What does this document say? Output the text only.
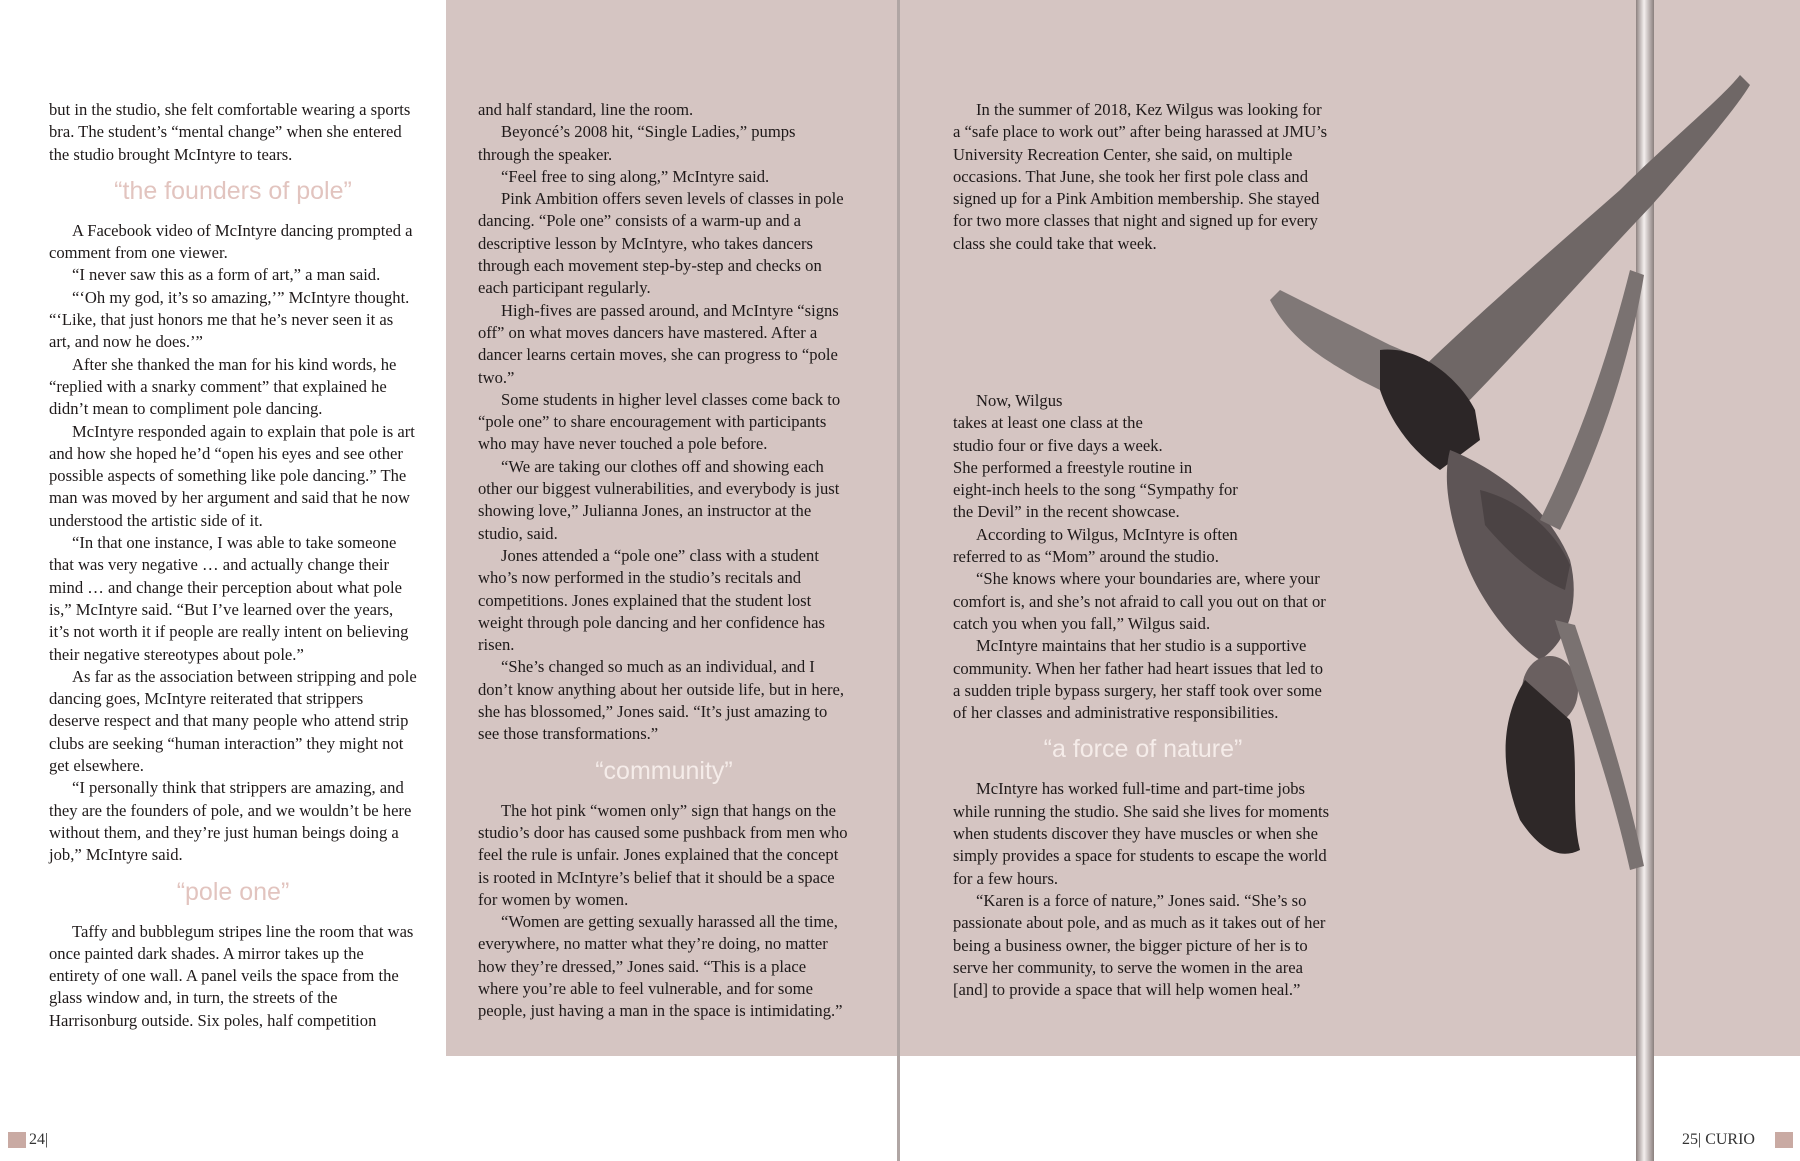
but in the studio, she felt comfortable wearing a sports bra. The student’s “mental change” when she entered the studio brought McIntyre to tears.

“the founders of pole”

A Facebook video of McIntyre dancing prompted a comment from one viewer.

“I never saw this as a form of art,” a man said.

“‘Oh my god, it’s so amazing,’” McIntyre thought. “‘Like, that just honors me that he’s never seen it as art, and now he does.’”

After she thanked the man for his kind words, he “replied with a snarky comment” that explained he didn’t mean to compliment pole dancing.

McIntyre responded again to explain that pole is art and how she hoped he’d “open his eyes and see other possible aspects of something like pole dancing.” The man was moved by her argument and said that he now understood the artistic side of it.

“In that one instance, I was able to take someone that was very negative … and actually change their mind … and change their perception about what pole is,” McIntyre said. “But I’ve learned over the years, it’s not worth it if people are really intent on believing their negative stereotypes about pole.”

As far as the association between stripping and pole dancing goes, McIntyre reiterated that strippers deserve respect and that many people who attend strip clubs are seeking “human interaction” they might not get elsewhere.

“I personally think that strippers are amazing, and they are the founders of pole, and we wouldn’t be here without them, and they’re just human beings doing a job,” McIntyre said.

“pole one”

Taffy and bubblegum stripes line the room that was once painted dark shades. A mirror takes up the entirety of one wall. A panel veils the space from the glass window and, in turn, the streets of the Harrisonburg outside. Six poles, half competition

and half standard, line the room.

Beyoncé’s 2008 hit, “Single Ladies,” pumps through the speaker.

“Feel free to sing along,” McIntyre said.

Pink Ambition offers seven levels of classes in pole dancing. “Pole one” consists of a warm-up and a descriptive lesson by McIntyre, who takes dancers through each movement step-by-step and checks on each participant regularly.

High-fives are passed around, and McIntyre “signs off” on what moves dancers have mastered. After a dancer learns certain moves, she can progress to “pole two.”

Some students in higher level classes come back to “pole one” to share encouragement with participants who may have never touched a pole before.

“We are taking our clothes off and showing each other our biggest vulnerabilities, and everybody is just showing love,” Julianna Jones, an instructor at the studio, said.

Jones attended a “pole one” class with a student who’s now performed in the studio’s recitals and competitions. Jones explained that the student lost weight through pole dancing and her confidence has risen.

“She’s changed so much as an individual, and I don’t know anything about her outside life, but in here, she has blossomed,” Jones said. “It’s just amazing to see those transformations.”

“community”

The hot pink “women only” sign that hangs on the studio’s door has caused some pushback from men who feel the rule is unfair. Jones explained that the concept is rooted in McIntyre’s belief that it should be a space for women by women.

“Women are getting sexually harassed all the time, everywhere, no matter what they’re doing, no matter how they’re dressed,” Jones said. “This is a place where you’re able to feel vulnerable, and for some people, just having a man in the space is intimidating.”

In the summer of 2018, Kez Wilgus was looking for a “safe place to work out” after being harassed at JMU’s University Recreation Center, she said, on multiple occasions. That June, she took her first pole class and signed up for a Pink Ambition membership. She stayed for two more classes that night and signed up for every class she could take that week.

Now, Wilgus
takes at least one class at the
studio four or five days a week.
She performed a freestyle routine in
eight-inch heels to the song “Sympathy for
the Devil” in the recent showcase.

According to Wilgus, McIntyre is often
referred to as “Mom” around the studio.

“She knows where your boundaries are, where your comfort is, and she’s not afraid to call you out on that or catch you when you fall,” Wilgus said.

McIntyre maintains that her studio is a supportive community. When her father had heart issues that led to a sudden triple bypass surgery, her staff took over some of her classes and administrative responsibilities.

“a force of nature”

McIntyre has worked full-time and part-time jobs while running the studio. She said she lives for moments when students discover they have muscles or when she simply provides a space for students to escape the world for a few hours.

“Karen is a force of nature,” Jones said. “She’s so passionate about pole, and as much as it takes out of her being a business owner, the bigger picture of her is to serve her community, to serve the women in the area [and] to provide a space that will help women heal.”

24|	25| CURIO
